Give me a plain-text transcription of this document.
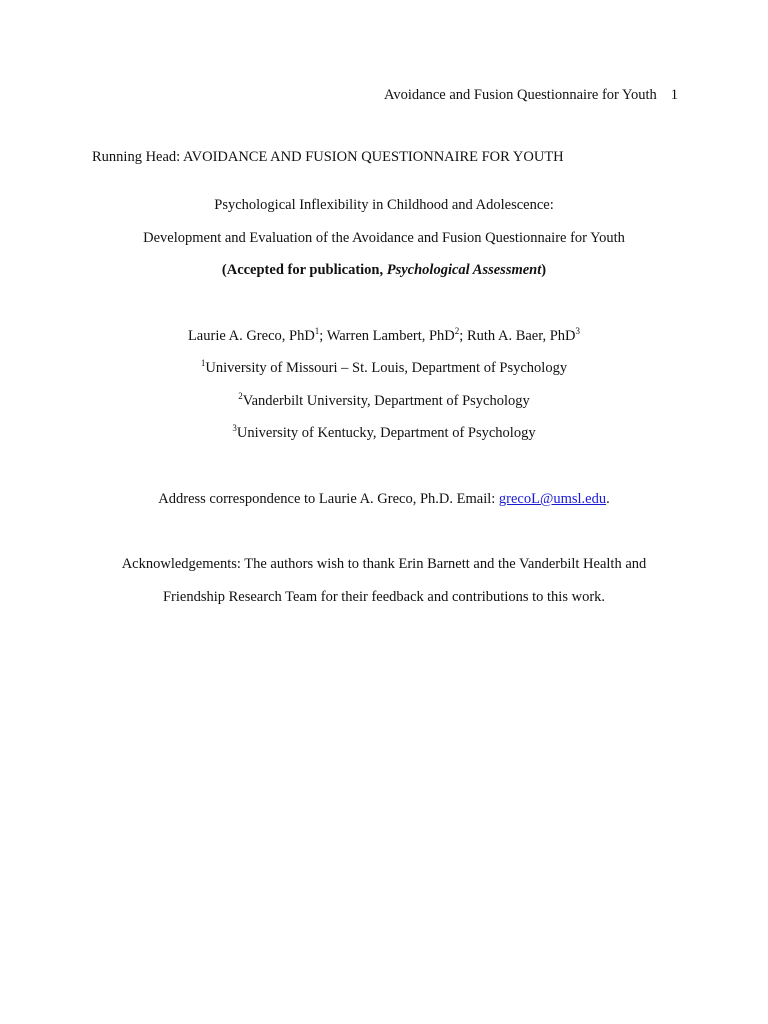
Avoidance and Fusion Questionnaire for Youth 1
Running Head: AVOIDANCE AND FUSION QUESTIONNAIRE FOR YOUTH
Psychological Inflexibility in Childhood and Adolescence:
Development and Evaluation of the Avoidance and Fusion Questionnaire for Youth
(Accepted for publication, Psychological Assessment)
Laurie A. Greco, PhD$^1$; Warren Lambert, PhD$^2$; Ruth A. Baer, PhD$^3$
$^1$University of Missouri – St. Louis, Department of Psychology
$^2$Vanderbilt University, Department of Psychology
$^3$University of Kentucky, Department of Psychology
Address correspondence to Laurie A. Greco, Ph.D. Email: grecoL@umsl.edu.
Acknowledgements: The authors wish to thank Erin Barnett and the Vanderbilt Health and
Friendship Research Team for their feedback and contributions to this work.
